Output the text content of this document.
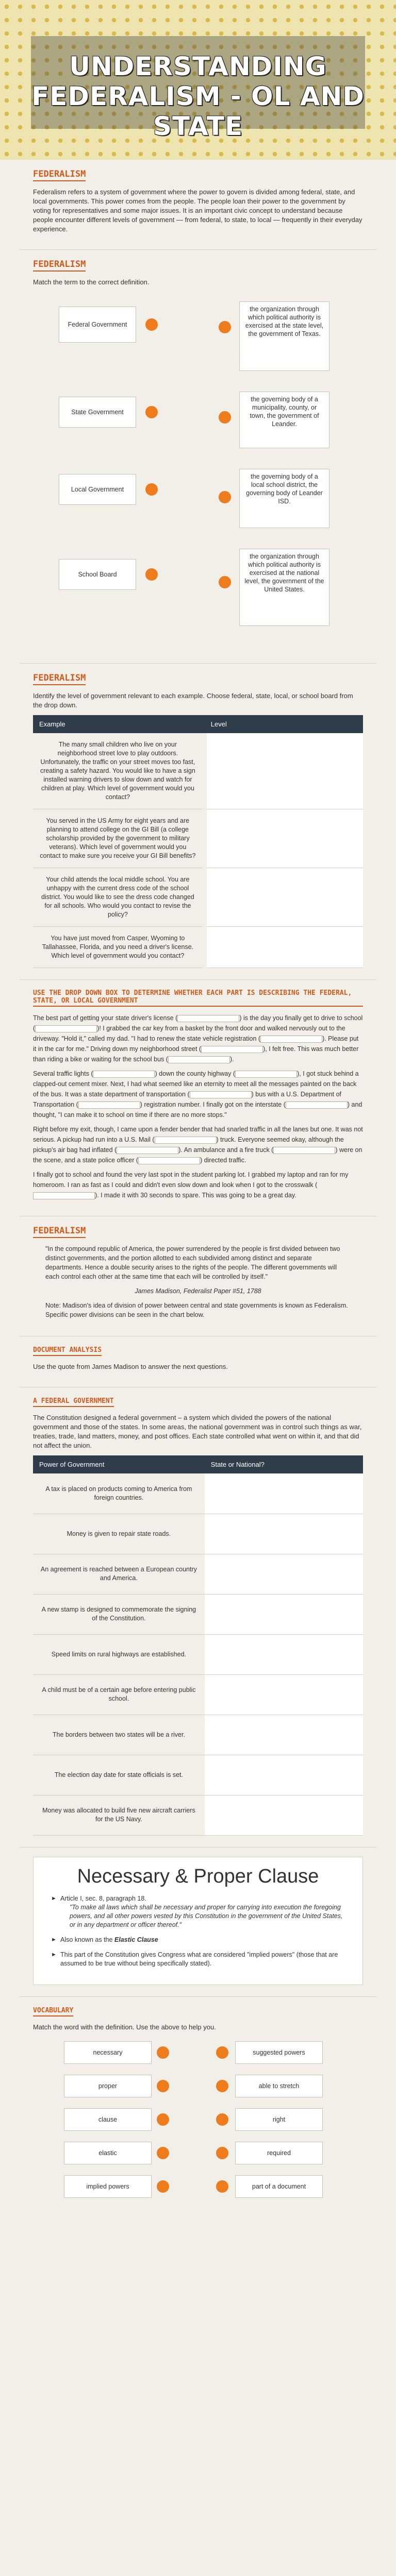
UNDERSTANDING FEDERALISM - OL AND STATE
FEDERALISM

Federalism refers to a system of government where the power to govern is divided among federal, state, and local governments. This power comes from the people. The people loan their power to the government by voting for representatives and some major issues. It is an important civic concept to understand because people encounter different levels of government — from federal, to state, to local — frequently in their everyday experience.

FEDERALISM

Match the term to the correct definition.

Federal Government
State Government
Local Government
School Board
the organization through which political authority is exercised at the state level, the government of Texas.
the governing body of a municipality, county, or town, the government of Leander.
the governing body of a local school district, the governing body of Leander ISD.
the organization through which political authority is exercised at the national level, the government of the United States.
FEDERALISM

Identify the level of government relevant to each example. Choose federal, state, local, or school board from the drop down.

Example	Level
The many small children who live on your neighborhood street love to play outdoors. Unfortunately, the traffic on your street moves too fast, creating a safety hazard. You would like to have a sign installed warning drivers to slow down and watch for children at play. Which level of government would you contact?	
You served in the US Army for eight years and are planning to attend college on the GI Bill (a college scholarship provided by the government to military veterans). Which level of government would you contact to make sure you receive your GI Bill benefits?	
Your child attends the local middle school. You are unhappy with the current dress code of the school district. You would like to see the dress code changed for all schools. Who would you contact to revise the policy?	
You have just moved from Casper, Wyoming to Tallahassee, Florida, and you need a driver's license. Which level of government would you contact?	
USE THE DROP DOWN BOX TO DETERMINE WHETHER EACH PART IS DESCRIBING THE FEDERAL, STATE, OR LOCAL GOVERNMENT

The best part of getting your state driver's license (	) is the day you finally get to drive to school (	)! I grabbed the car key from a basket by the front door and walked nervously out to the driveway. "Hold it," called my dad. "I had to renew the state vehicle registration (	). Please put it in the car for me." Driving down my neighborhood street (	), I felt free. This was much better than riding a bike or waiting for the school bus (	).

Several traffic lights (	) down the county highway (	), I got stuck behind a clapped-out cement mixer. Next, I had what seemed like an eternity to meet all the messages painted on the back of the bus. It was a state department of transportation (	) bus with a U.S. Department of Transportation (	) registration number. I finally got on the interstate (	) and thought, "I can make it to school on time if there are no more stops."

Right before my exit, though, I came upon a fender bender that had snarled traffic in all the lanes but one. It was not serious. A pickup had run into a U.S. Mail (	) truck. Everyone seemed okay, although the pickup's air bag had inflated (	). An ambulance and a fire truck (	) were on the scene, and a state police officer (	) directed traffic.

I finally got to school and found the very last spot in the student parking lot. I grabbed my laptop and ran for my homeroom. I ran as fast as I could and didn't even slow down and look when I got to the crosswalk (). I made it with 30 seconds to spare. This was going to be a great day.

FEDERALISM

"In the compound republic of America, the power surrendered by the people is first divided between two distinct governments, and the portion allotted to each subdivided among distinct and separate departments. Hence a double security arises to the rights of the people. The different governments will each control each other at the same time that each will be controlled by itself."

James Madison, Federalist Paper #51, 1788

Note: Madison's idea of division of power between central and state governments is known as Federalism. Specific power divisions can be seen in the chart below.

DOCUMENT ANALYSIS

Use the quote from James Madison to answer the next questions.

A FEDERAL GOVERNMENT

The Constitution designed a federal government – a system which divided the powers of the national government and those of the states. In some areas, the national government was in control such things as war, treaties, trade, land matters, money, and post offices. Each state controlled what went on within it, and that did not affect the union.

Power of Government	State or National?
A tax is placed on products coming to America from foreign countries.	
Money is given to repair state roads.	
An agreement is reached between a European country and America.	
A new stamp is designed to commemorate the signing of the Constitution.	
Speed limits on rural highways are established.	
A child must be of a certain age before entering public school.	
The borders between two states will be a river.	
The election day date for state officials is set.	
Money was allocated to build five new aircraft carriers for the US Navy.	
Necessary & Proper Clause
► Article I, sec. 8, paragraph 18.
"To make all laws which shall be necessary and proper for carrying into execution the foregoing powers, and all other powers vested by this Constitution in the government of the United States, or in any department or officer thereof."
► Also known as the Elastic Clause
► This part of the Constitution gives Congress what are considered "implied powers" (those that are assumed to be true without being specifically stated).
VOCABULARY

Match the word with the definition. Use the above to help you.

necessary
proper
clause
elastic
implied powers
suggested powers
able to stretch
right
required
part of a document
